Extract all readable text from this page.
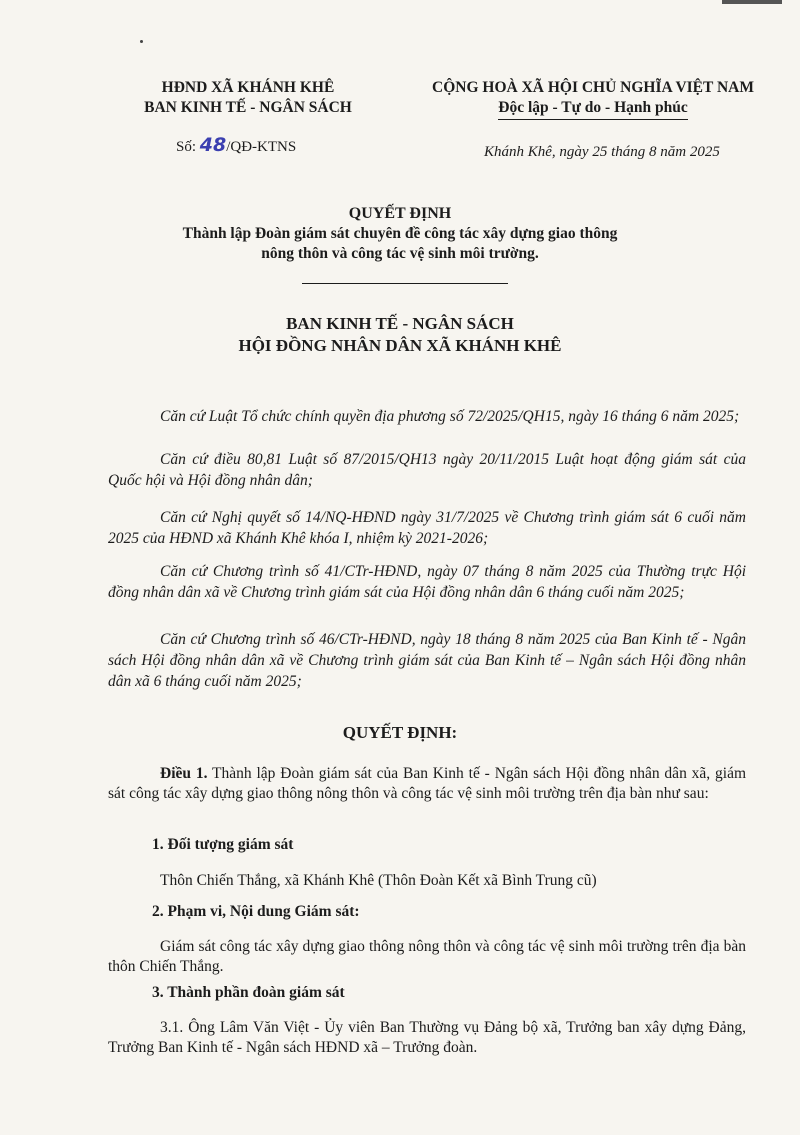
HĐND XÃ KHÁNH KHÊ
BAN KINH TẾ - NGÂN SÁCH
Số: 48/QĐ-KTNS
CỘNG HOÀ XÃ HỘI CHỦ NGHĨA VIỆT NAM
Độc lập - Tự do - Hạnh phúc
Khánh Khê, ngày 25 tháng 8 năm 2025
QUYẾT ĐỊNH
Thành lập Đoàn giám sát chuyên đề công tác xây dựng giao thông
nông thôn và công tác vệ sinh môi trường.
BAN KINH TẾ - NGÂN SÁCH
HỘI ĐỒNG NHÂN DÂN XÃ KHÁNH KHÊ
Căn cứ Luật Tổ chức chính quyền địa phương số 72/2025/QH15, ngày 16 tháng 6 năm 2025;
Căn cứ điều 80,81 Luật số 87/2015/QH13 ngày 20/11/2015 Luật hoạt động giám sát của Quốc hội và Hội đồng nhân dân;
Căn cứ Nghị quyết số 14/NQ-HĐND ngày 31/7/2025 về Chương trình giám sát 6 cuối năm 2025 của HĐND xã Khánh Khê khóa I, nhiệm kỳ 2021-2026;
Căn cứ Chương trình số 41/CTr-HĐND, ngày 07 tháng 8 năm 2025 của Thường trực Hội đồng nhân dân xã về Chương trình giám sát của Hội đồng nhân dân 6 tháng cuối năm 2025;
Căn cứ Chương trình số 46/CTr-HĐND, ngày 18 tháng 8 năm 2025 của Ban Kinh tế - Ngân sách Hội đồng nhân dân xã về Chương trình giám sát của Ban Kinh tế – Ngân sách Hội đồng nhân dân xã 6 tháng cuối năm 2025;
QUYẾT ĐỊNH:
Điều 1. Thành lập Đoàn giám sát của Ban Kinh tế - Ngân sách Hội đồng nhân dân xã, giám sát công tác xây dựng giao thông nông thôn và công tác vệ sinh môi trường trên địa bàn như sau:
1. Đối tượng giám sát
Thôn Chiến Thắng, xã Khánh Khê (Thôn Đoàn Kết xã Bình Trung cũ)
2. Phạm vi, Nội dung Giám sát:
Giám sát công tác xây dựng giao thông nông thôn và công tác vệ sinh môi trường trên địa bàn thôn Chiến Thắng.
3. Thành phần đoàn giám sát
3.1. Ông Lâm Văn Việt - Ủy viên Ban Thường vụ Đảng bộ xã, Trưởng ban xây dựng Đảng, Trưởng Ban Kinh tế - Ngân sách HĐND xã – Trưởng đoàn.
